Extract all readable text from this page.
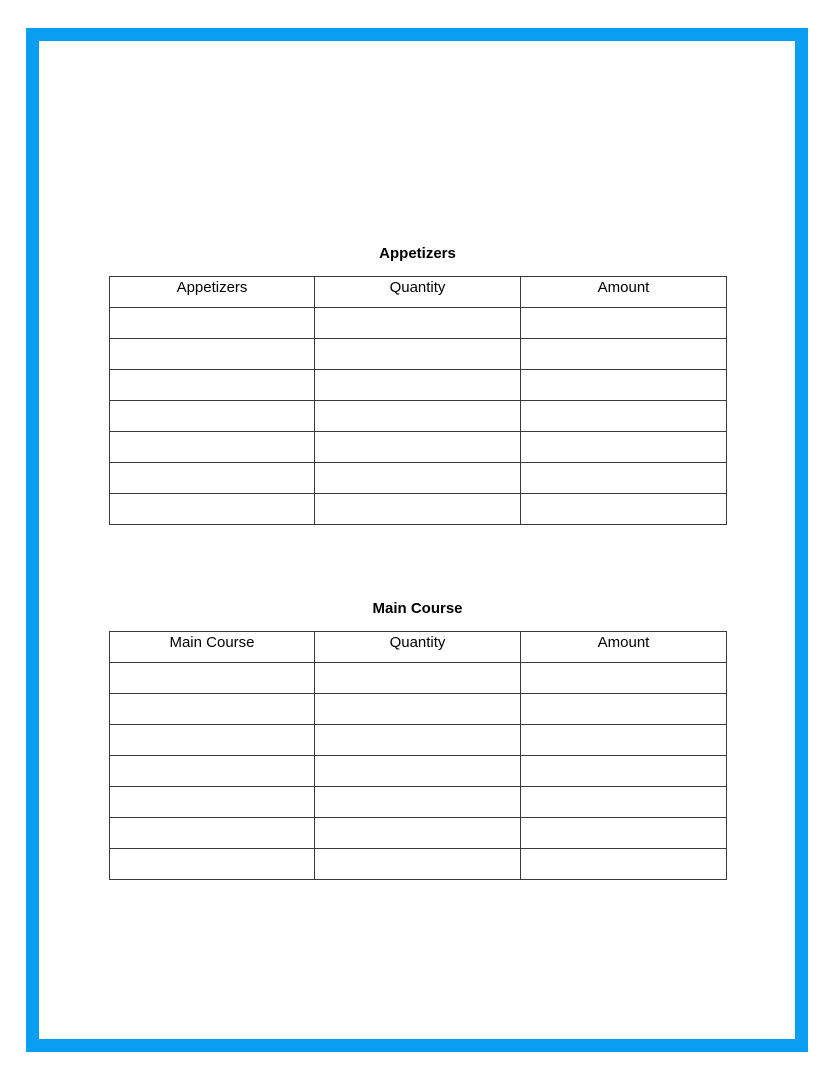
Appetizers
Appetizers	Quantity	Amount

Main Course
Main Course	Quantity	Amount
